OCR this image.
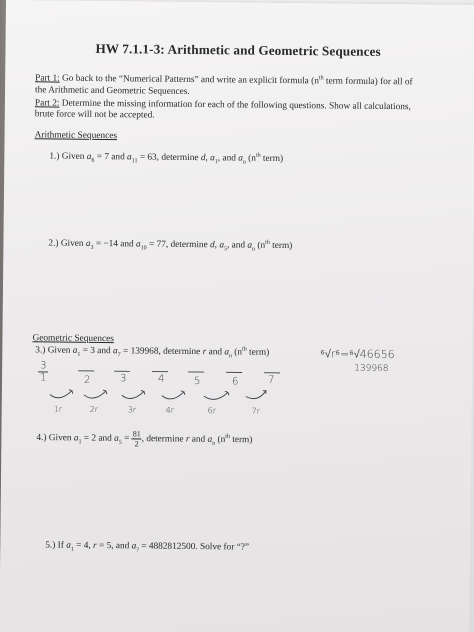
HW 7.1.1-3: Arithmetic and Geometric Sequences
Part 1: Go back to the “Numerical Patterns” and write an explicit formula ($n^{th}$ term formula) for all of
the Arithmetic and Geometric Sequences.
Part 2: Determine the missing information for each of the following questions. Show all calculations,
brute force will not be accepted.
Arithmetic Sequences
1.) Given $a_6 = 7$ and $a_{11} = 63$, determine d, $a_1$, and $a_n$ ($n^{th}$ term)
2.) Given $a_3 = -14$ and $a_{10} = 77$, determine d, $a_5$, and $a_n$ ($n^{th}$ term)
Geometric Sequences
3.) Given $a_1 = 3$ and $a_7 = 139968$, determine r and $a_n$ ($n^{th}$ term)	⁶√r⁶=⁶√46656
139968
3
1	2	3	4	5	6	7
1r	2r	3r	4r	6r	7r
4.) Given $a_1 = 2$ and $a_5 = \frac{81}{2}$ , determine r and $a_n$ ($n^{th}$ term)
5.) If $a_1 = 4$, r = 5, and $a_? = 4882812500$. Solve for “?”
